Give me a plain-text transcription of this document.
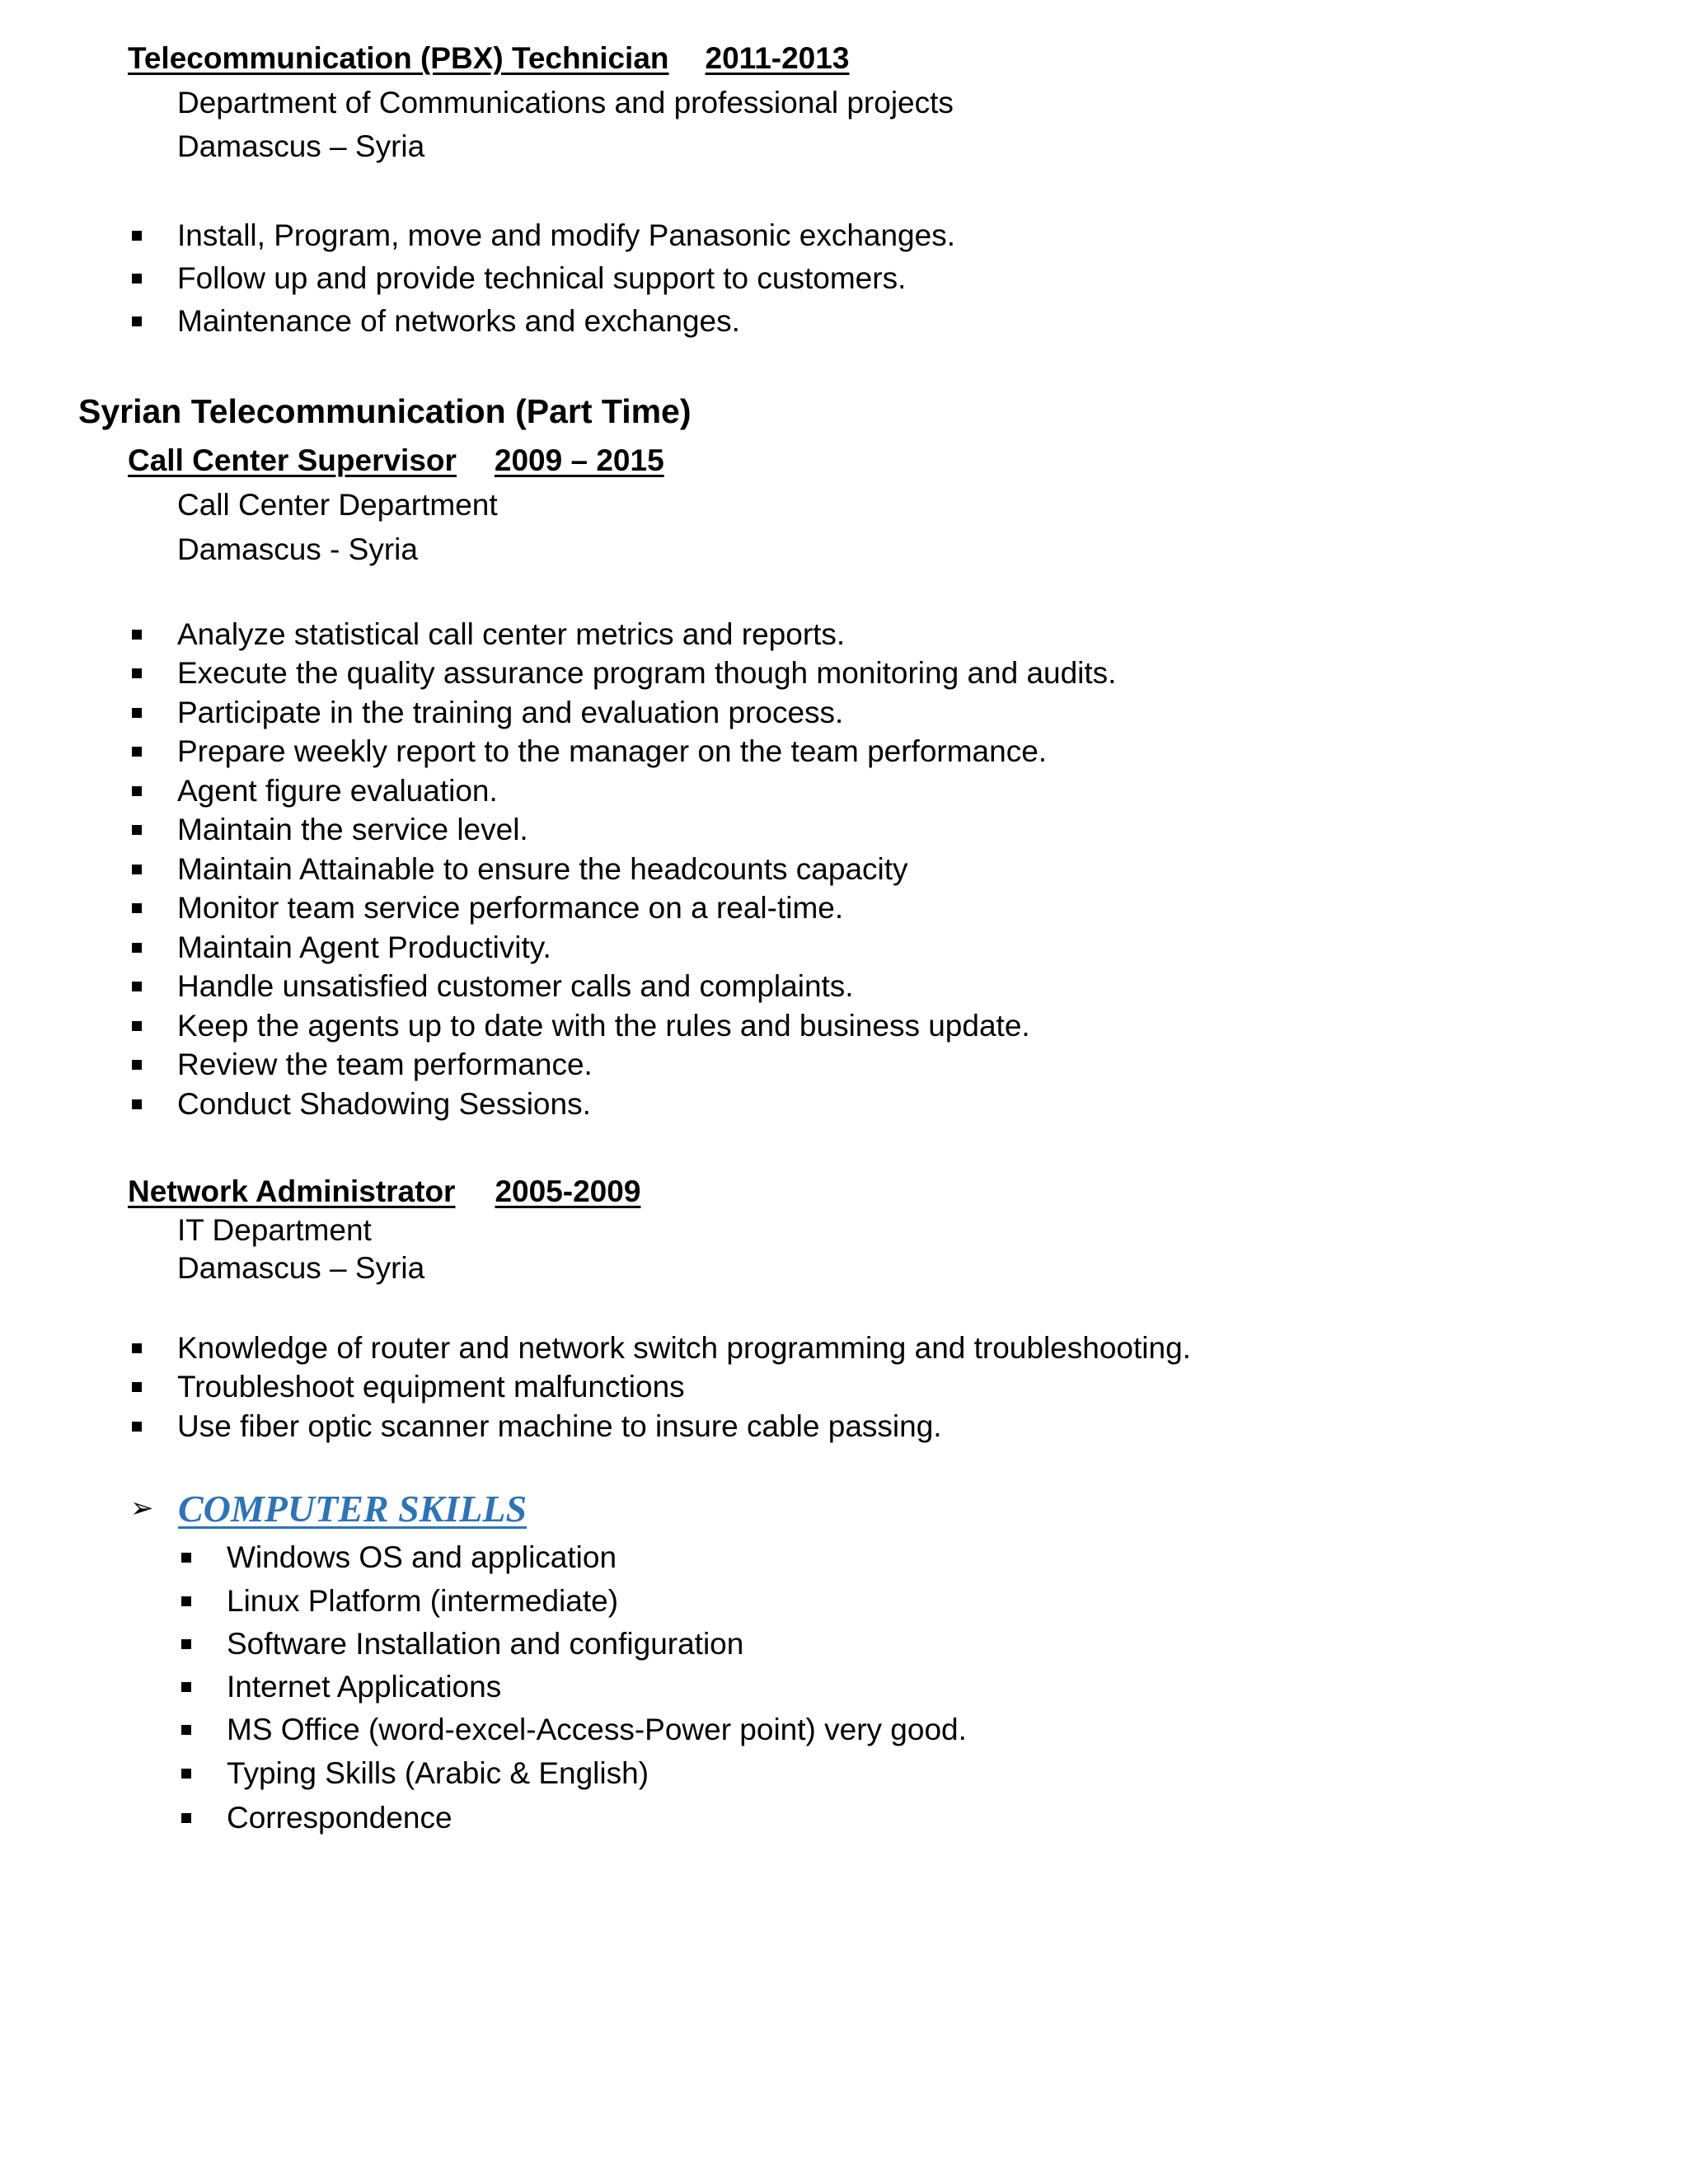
Telecommunication (PBX) Technician 2011-2013
Department of Communications and professional projects
Damascus – Syria
Install, Program, move and modify Panasonic exchanges.
Follow up and provide technical support to customers.
Maintenance of networks and exchanges.
Syrian Telecommunication (Part Time)
Call Center Supervisor 2009 – 2015
Call Center Department
Damascus - Syria
Analyze statistical call center metrics and reports.
Execute the quality assurance program though monitoring and audits.
Participate in the training and evaluation process.
Prepare weekly report to the manager on the team performance.
Agent figure evaluation.
Maintain the service level.
Maintain Attainable to ensure the headcounts capacity
Monitor team service performance on a real-time.
Maintain Agent Productivity.
Handle unsatisfied customer calls and complaints.
Keep the agents up to date with the rules and business update.
Review the team performance.
Conduct Shadowing Sessions.
Network Administrator 2005-2009
IT Department
Damascus – Syria
Knowledge of router and network switch programming and troubleshooting.
Troubleshoot equipment malfunctions
Use fiber optic scanner machine to insure cable passing.
➢ COMPUTER SKILLS
Windows OS and application
Linux Platform (intermediate)
Software Installation and configuration
Internet Applications
MS Office (word-excel-Access-Power point) very good.
Typing Skills (Arabic & English)
Correspondence
